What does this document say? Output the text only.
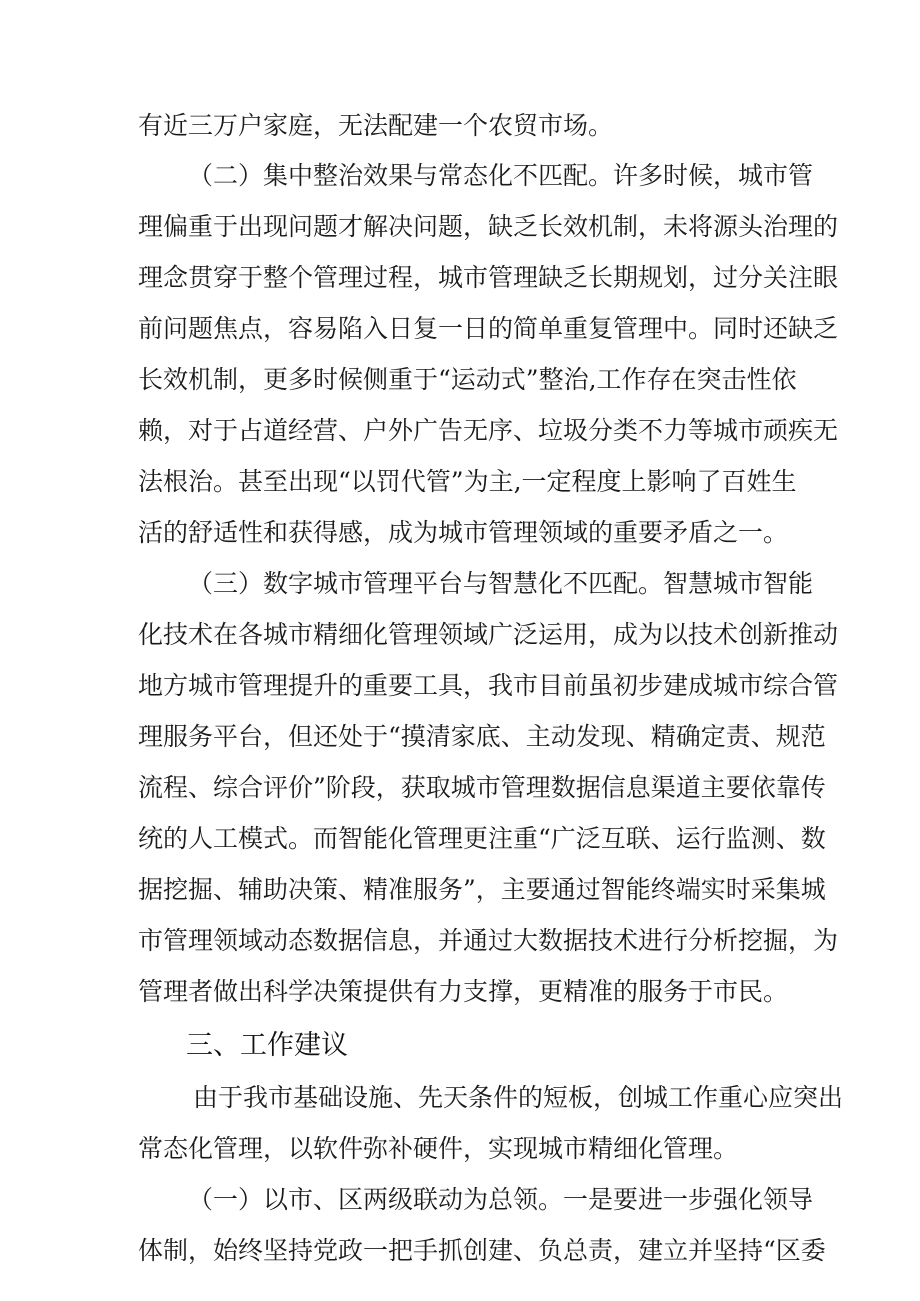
有近三万户家庭，无法配建一个农贸市场。
（二）集中整治效果与常态化不匹配。许多时候，城市管
理偏重于出现问题才解决问题，缺乏长效机制，未将源头治理的
理念贯穿于整个管理过程，城市管理缺乏长期规划，过分关注眼
前问题焦点，容易陷入日复一日的简单重复管理中。同时还缺乏
长效机制，更多时候侧重于“运动式”整治,工作存在突击性依
赖，对于占道经营、户外广告无序、垃圾分类不力等城市顽疾无
法根治。甚至出现“以罚代管”为主,一定程度上影响了百姓生
活的舒适性和获得感，成为城市管理领域的重要矛盾之一。
（三）数字城市管理平台与智慧化不匹配。智慧城市智能
化技术在各城市精细化管理领域广泛运用，成为以技术创新推动
地方城市管理提升的重要工具，我市目前虽初步建成城市综合管
理服务平台，但还处于“摸清家底、主动发现、精确定责、规范
流程、综合评价”阶段，获取城市管理数据信息渠道主要依靠传
统的人工模式。而智能化管理更注重“广泛互联、运行监测、数
据挖掘、辅助决策、精准服务”，主要通过智能终端实时采集城
市管理领域动态数据信息，并通过大数据技术进行分析挖掘，为
管理者做出科学决策提供有力支撑，更精准的服务于市民。
三、工作建议
由于我市基础设施、先天条件的短板，创城工作重心应突出
常态化管理，以软件弥补硬件，实现城市精细化管理。
（一）以市、区两级联动为总领。一是要进一步强化领导
体制，始终坚持党政一把手抓创建、负总责，建立并坚持“区委
